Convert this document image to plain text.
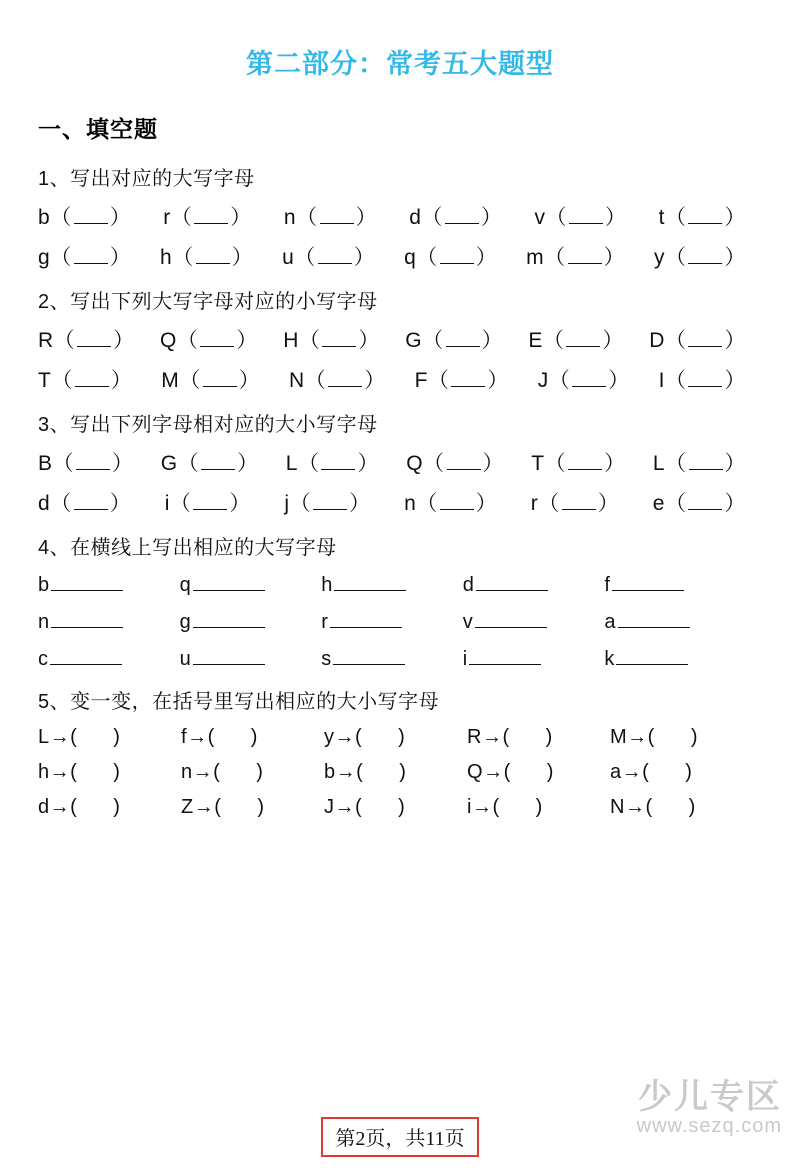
第二部分：常考五大题型
一、填空题
1、写出对应的大写字母
b（ ） r（ ） n（ ） d（ ） v（ ） t（ ）
g（ ） h（ ） u（ ） q（ ） m（ ） y（ ）
2、写出下列大写字母对应的小写字母
R（ ） Q（ ） H（ ） G（ ） E（ ） D（ ）
T（ ） M（ ） N（ ） F（ ） J（ ） I（ ）
3、写出下列字母相对应的大小写字母
B（ ） G（ ） L（ ） Q（ ） T（ ） L（ ）
d（ ） i（ ） j（ ） n（ ） r（ ） e（ ）
4、在横线上写出相应的大写字母
b	q	h	d	f
n	g	r	v	a
c	u	s	i	k
5、变一变，在括号里写出相应的大小写字母
L→( )	f→( )	y→( )	R→( )	M→( )
h→( )	n→( )	b→( )	Q→( )	a→( )
d→( )	Z→( )	J→( )	i→( )	N→( )
少儿专区
www.sezq.com
第2页，共11页
